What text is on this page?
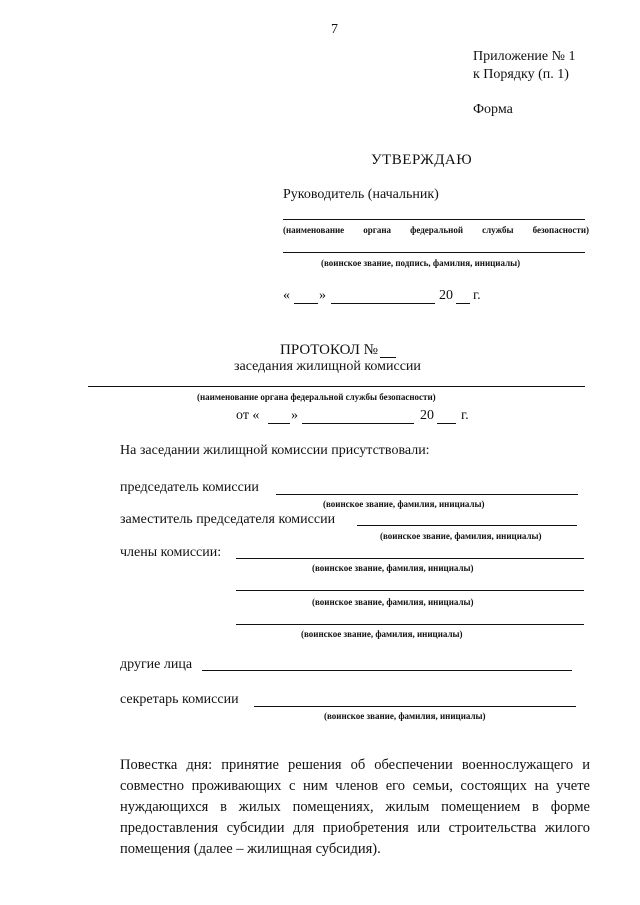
7
Приложение № 1
к Порядку (п. 1)
Форма
УТВЕРЖДАЮ
Руководитель (начальник)
(наименование органа федеральной службы безопасности)
(воинское звание, подпись, фамилия, инициалы)
« »	20 г.
ПРОТОКОЛ №
заседания жилищной комиссии
(наименование органа федеральной службы безопасности)
от « »	20 г.
На заседании жилищной комиссии присутствовали:
председатель комиссии
(воинское звание, фамилия, инициалы)
заместитель председателя комиссии
(воинское звание, фамилия, инициалы)
члены комиссии:
(воинское звание, фамилия, инициалы)
(воинское звание, фамилия, инициалы)
(воинское звание, фамилия, инициалы)
другие лица
секретарь комиссии
(воинское звание, фамилия, инициалы)
Повестка дня: принятие решения об обеспечении военнослужащего и
совместно проживающих с ним членов его семьи, состоящих на учете
нуждающихся в жилых помещениях, жилым помещением в форме
предоставления субсидии для приобретения или строительства жилого
помещения (далее – жилищная субсидия).
